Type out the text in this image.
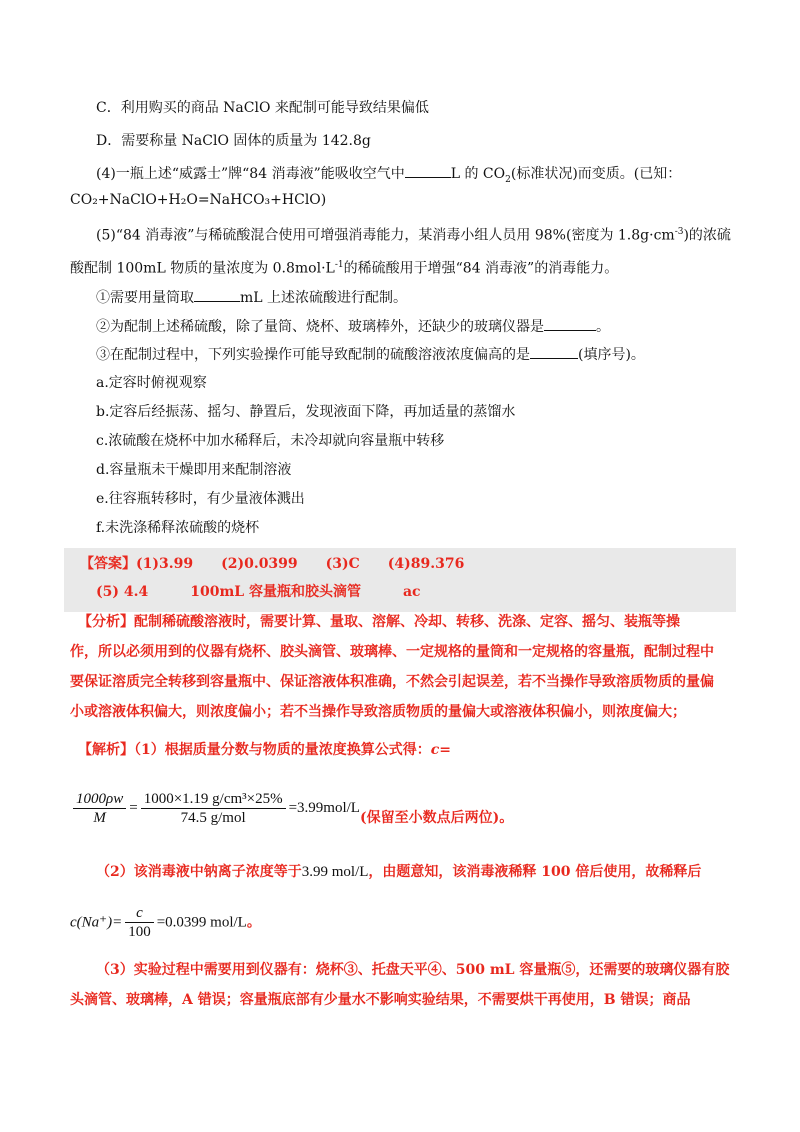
C．利用购买的商品 NaClO 来配制可能导致结果偏低
D．需要称量 NaClO 固体的质量为 142.8g
(4)一瓶上述“威露士”牌“84 消毒液”能吸收空气中	L 的 $CO_2$(标准状况)而变质。(已知：
CO₂+NaClO+H₂O=NaHCO₃+HClO)
(5)“84 消毒液”与稀硫酸混合使用可增强消毒能力，某消毒小组人员用 98%(密度为 $1.8g\cdot cm^{-3}$)的浓硫
酸配制 100mL 物质的量浓度为 $0.8mol\cdot L^{-1}$的稀硫酸用于增强“84 消毒液”的消毒能力。
①需要用量筒取	mL 上述浓硫酸进行配制。
②为配制上述稀硫酸，除了量筒、烧杯、玻璃棒外，还缺少的玻璃仪器是	。
③在配制过程中，下列实验操作可能导致配制的硫酸溶液浓度偏高的是	(填序号)。
a.定容时俯视观察
b.定容后经振荡、摇匀、静置后，发现液面下降，再加适量的蒸馏水
c.浓硫酸在烧杯中加水稀释后，未冷却就向容量瓶中转移
d.容量瓶未干燥即用来配制溶液
e.往容瓶转移时，有少量液体溅出
f.未洗涤稀释浓硫酸的烧杯
【答案】(1)3.99　　(2)0.0399　　(3)C　　(4)89.376
(5) 4.4　　　100mL 容量瓶和胶头滴管　　　ac
【分析】配制稀硫酸溶液时，需要计算、量取、溶解、冷却、转移、洗涤、定容、摇匀、装瓶等操
作，所以必须用到的仪器有烧杯、胶头滴管、玻璃棒、一定规格的量筒和一定规格的容量瓶，配制过程中
要保证溶质完全转移到容量瓶中、保证溶液体积准确，不然会引起误差，若不当操作导致溶质物质的量偏
小或溶液体积偏大，则浓度偏小；若不当操作导致溶质物质的量偏大或溶液体积偏小，则浓度偏大；
【解析】（1）根据质量分数与物质的量浓度换算公式得：c=
$\frac{1000\rho w}{M} = \frac{\text{1000×1.19 g/cm³×25\%}}{\text{74.5 g/mol}} =3.99mol/L$(保留至小数点后两位)。
（2）该消毒液中钠离子浓度等于3.99 mol/L，由题意知，该消毒液稀释 100 倍后使用，故稀释后
$c(Na^+)= \frac{c}{100} =0.0399$ mol/L。
（3）实验过程中需要用到仪器有：烧杯③、托盘天平④、500 mL 容量瓶⑤，还需要的玻璃仪器有胶
头滴管、玻璃棒，A 错误；容量瓶底部有少量水不影响实验结果，不需要烘干再使用，B 错误；商品
